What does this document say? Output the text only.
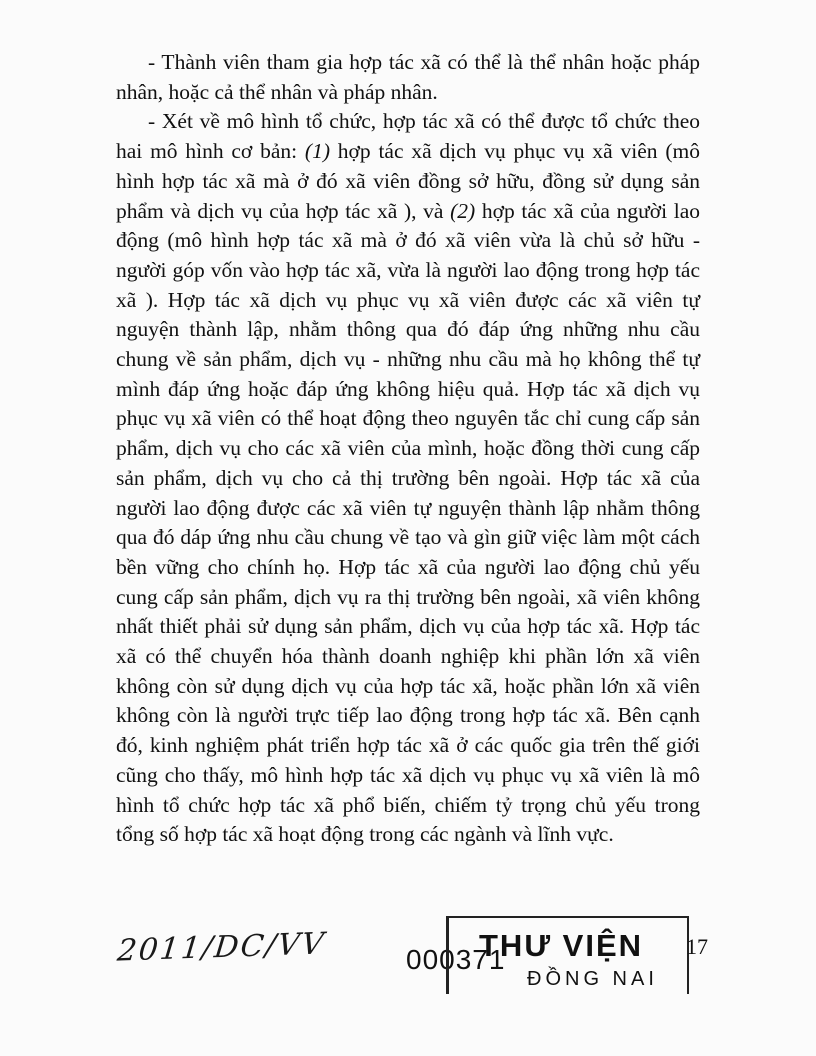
- Thành viên tham gia hợp tác xã có thể là thể nhân hoặc pháp nhân, hoặc cả thể nhân và pháp nhân.

- Xét về mô hình tổ chức, hợp tác xã có thể được tổ chức theo hai mô hình cơ bản: (1) hợp tác xã dịch vụ phục vụ xã viên (mô hình hợp tác xã mà ở đó xã viên đồng sở hữu, đồng sử dụng sản phẩm và dịch vụ của hợp tác xã ), và (2) hợp tác xã của người lao động (mô hình hợp tác xã mà ở đó xã viên vừa là chủ sở hữu - người góp vốn vào hợp tác xã, vừa là người lao động trong hợp tác xã ). Hợp tác xã dịch vụ phục vụ xã viên được các xã viên tự nguyện thành lập, nhằm thông qua đó đáp ứng những nhu cầu chung về sản phẩm, dịch vụ - những nhu cầu mà họ không thể tự mình đáp ứng hoặc đáp ứng không hiệu quả. Hợp tác xã dịch vụ phục vụ xã viên có thể hoạt động theo nguyên tắc chỉ cung cấp sản phẩm, dịch vụ cho các xã viên của mình, hoặc đồng thời cung cấp sản phẩm, dịch vụ cho cả thị trường bên ngoài. Hợp tác xã của người lao động được các xã viên tự nguyện thành lập nhằm thông qua đó dáp ứng nhu cầu chung về tạo và gìn giữ việc làm một cách bền vững cho chính họ. Hợp tác xã của người lao động chủ yếu cung cấp sản phẩm, dịch vụ ra thị trường bên ngoài, xã viên không nhất thiết phải sử dụng sản phẩm, dịch vụ của hợp tác xã. Hợp tác xã có thể chuyển hóa thành doanh nghiệp khi phần lớn xã viên không còn sử dụng dịch vụ của hợp tác xã, hoặc phần lớn xã viên không còn là người trực tiếp lao động trong hợp tác xã. Bên cạnh đó, kinh nghiệm phát triển hợp tác xã ở các quốc gia trên thế giới cũng cho thấy, mô hình hợp tác xã dịch vụ phục vụ xã viên là mô hình tổ chức hợp tác xã phổ biến, chiếm tỷ trọng chủ yếu trong tổng số hợp tác xã hoạt động trong các ngành và lĩnh vực.

2011/DC/VV	000371
THƯ VIỆN
ĐỒNG NAI
17
